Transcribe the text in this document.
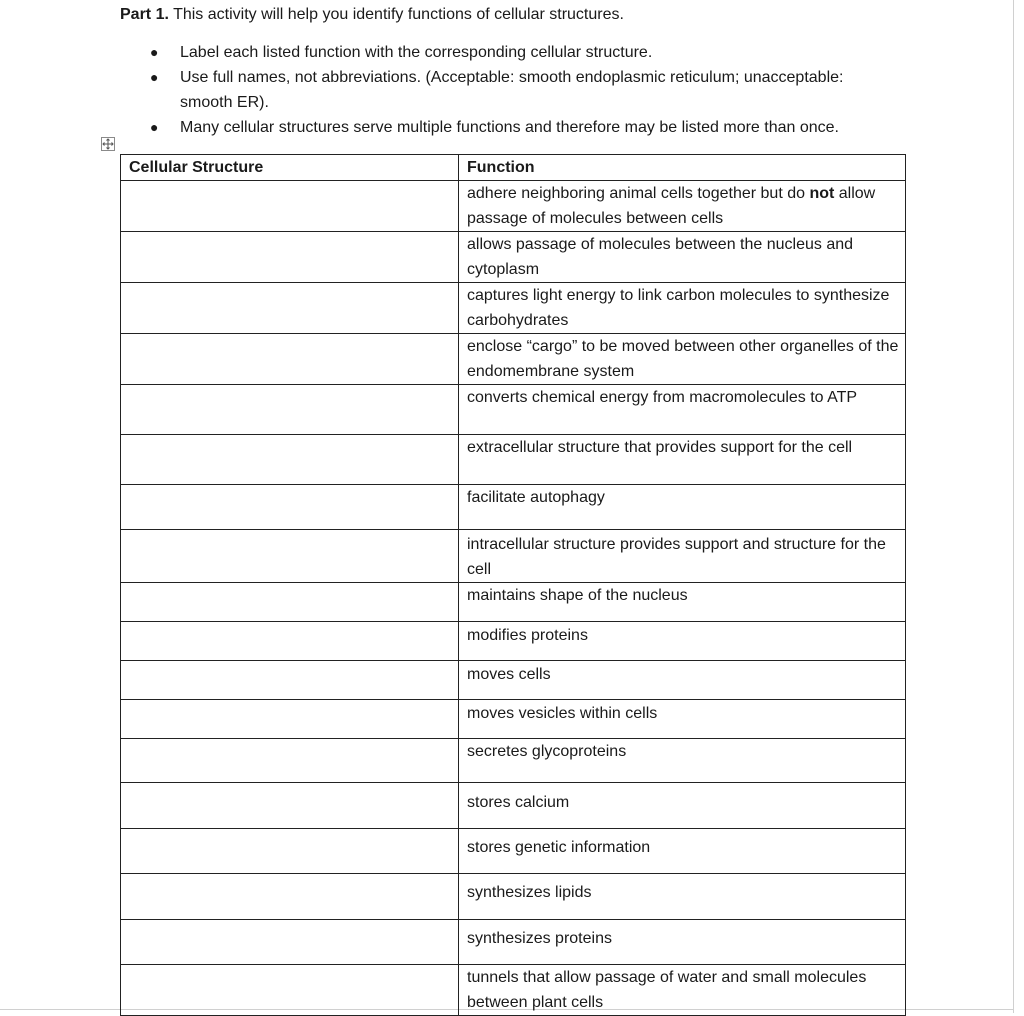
Part 1. This activity will help you identify functions of cellular structures.
● Label each listed function with the corresponding cellular structure.
● Use full names, not abbreviations. (Acceptable: smooth endoplasmic reticulum; unacceptable: smooth ER).
● Many cellular structures serve multiple functions and therefore may be listed more than once.
Cellular Structure	Function
	adhere neighboring animal cells together but do not allow passage of molecules between cells
	allows passage of molecules between the nucleus and cytoplasm
	captures light energy to link carbon molecules to synthesize carbohydrates
	enclose “cargo” to be moved between other organelles of the endomembrane system
	converts chemical energy from macromolecules to ATP
	extracellular structure that provides support for the cell
	facilitate autophagy
	intracellular structure provides support and structure for the cell
	maintains shape of the nucleus
	modifies proteins
	moves cells
	moves vesicles within cells
	secretes glycoproteins
	stores calcium
	stores genetic information
	synthesizes lipids
	synthesizes proteins
	tunnels that allow passage of water and small molecules between plant cells
